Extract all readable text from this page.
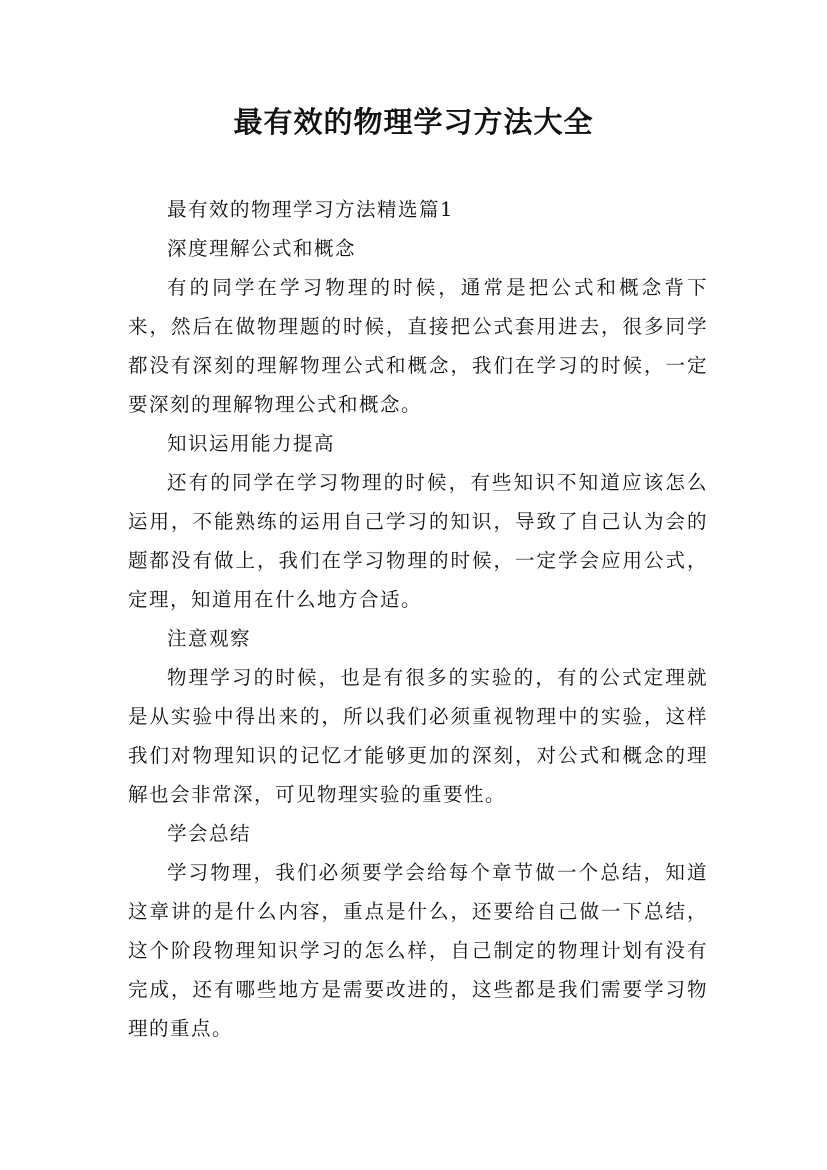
最有效的物理学习方法大全

最有效的物理学习方法精选篇1

深度理解公式和概念

有的同学在学习物理的时候，通常是把公式和概念背下来，然后在做物理题的时候，直接把公式套用进去，很多同学都没有深刻的理解物理公式和概念，我们在学习的时候，一定要深刻的理解物理公式和概念。

知识运用能力提高

还有的同学在学习物理的时候，有些知识不知道应该怎么运用，不能熟练的运用自己学习的知识，导致了自己认为会的题都没有做上，我们在学习物理的时候，一定学会应用公式，定理，知道用在什么地方合适。

注意观察

物理学习的时候，也是有很多的实验的，有的公式定理就是从实验中得出来的，所以我们必须重视物理中的实验，这样我们对物理知识的记忆才能够更加的深刻，对公式和概念的理解也会非常深，可见物理实验的重要性。

学会总结

学习物理，我们必须要学会给每个章节做一个总结，知道这章讲的是什么内容，重点是什么，还要给自己做一下总结，这个阶段物理知识学习的怎么样，自己制定的物理计划有没有完成，还有哪些地方是需要改进的，这些都是我们需要学习物理的重点。
